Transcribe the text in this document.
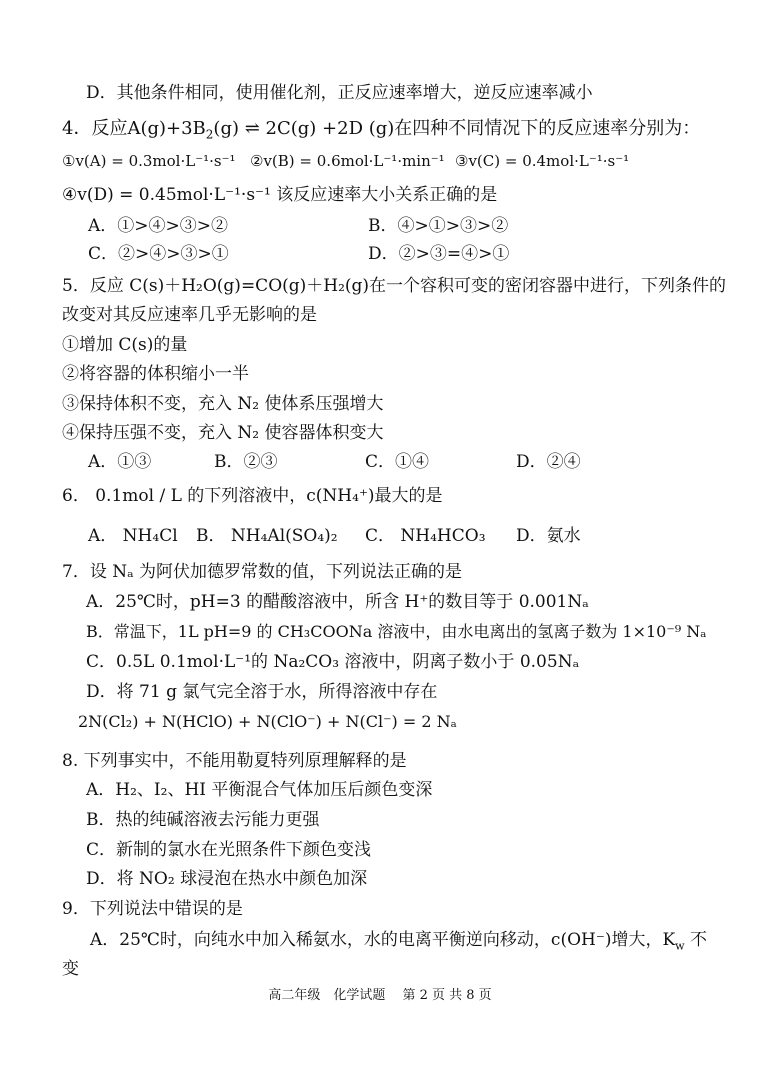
D．其他条件相同，使用催化剂，正反应速率增大，逆反应速率减小
4．反应$A(g)+3B_2(g)$ ⇌ 2C(g) +2D (g)在四种不同情况下的反应速率分别为：
①v(A) = 0.3mol·L⁻¹·s⁻¹ ②v(B) = 0.6mol·L⁻¹·min⁻¹ ③v(C) = 0.4mol·L⁻¹·s⁻¹
④v(D) = 0.45mol·L⁻¹·s⁻¹ 该反应速率大小关系正确的是
A．①>④>③>②	B．④>①>③>②
C．②>④>③>①	D．②>③=④>①
5．反应 C(s)＋H₂O(g)=CO(g)＋H₂(g)在一个容积可变的密闭容器中进行，下列条件的
改变对其反应速率几乎无影响的是
①增加 C(s)的量
②将容器的体积缩小一半
③保持体积不变，充入 N₂ 使体系压强增大
④保持压强不变，充入 N₂ 使容器体积变大
A．①③	B．②③	C．①④	D．②④
6． 0.1mol / L 的下列溶液中，c(NH₄⁺)最大的是
A． NH₄Cl B． NH₄Al(SO₄)₂ C． NH₄HCO₃ D．氨水
7．设 Nₐ 为阿伏加德罗常数的值，下列说法正确的是
A．25℃时，pH=3 的醋酸溶液中，所含 H⁺的数目等于 0.001Nₐ
B．常温下，1L pH=9 的 CH₃COONa 溶液中，由水电离出的氢离子数为 1×10⁻⁹ Nₐ
C．0.5L 0.1mol·L⁻¹的 Na₂CO₃ 溶液中，阴离子数小于 0.05Nₐ
D．将 71 g 氯气完全溶于水，所得溶液中存在
2N(Cl₂) + N(HClO) + N(ClO⁻) + N(Cl⁻) = 2 Nₐ
8. 下列事实中，不能用勒夏特列原理解释的是
A．H₂、I₂、HI 平衡混合气体加压后颜色变深
B．热的纯碱溶液去污能力更强
C．新制的氯水在光照条件下颜色变浅
D．将 NO₂ 球浸泡在热水中颜色加深
9．下列说法中错误的是
A．25℃时，向纯水中加入稀氨水，水的电离平衡逆向移动，c(OH⁻)增大，$K_w$ 不
变
高二年级　化学试题　 第 2 页 共 8 页
